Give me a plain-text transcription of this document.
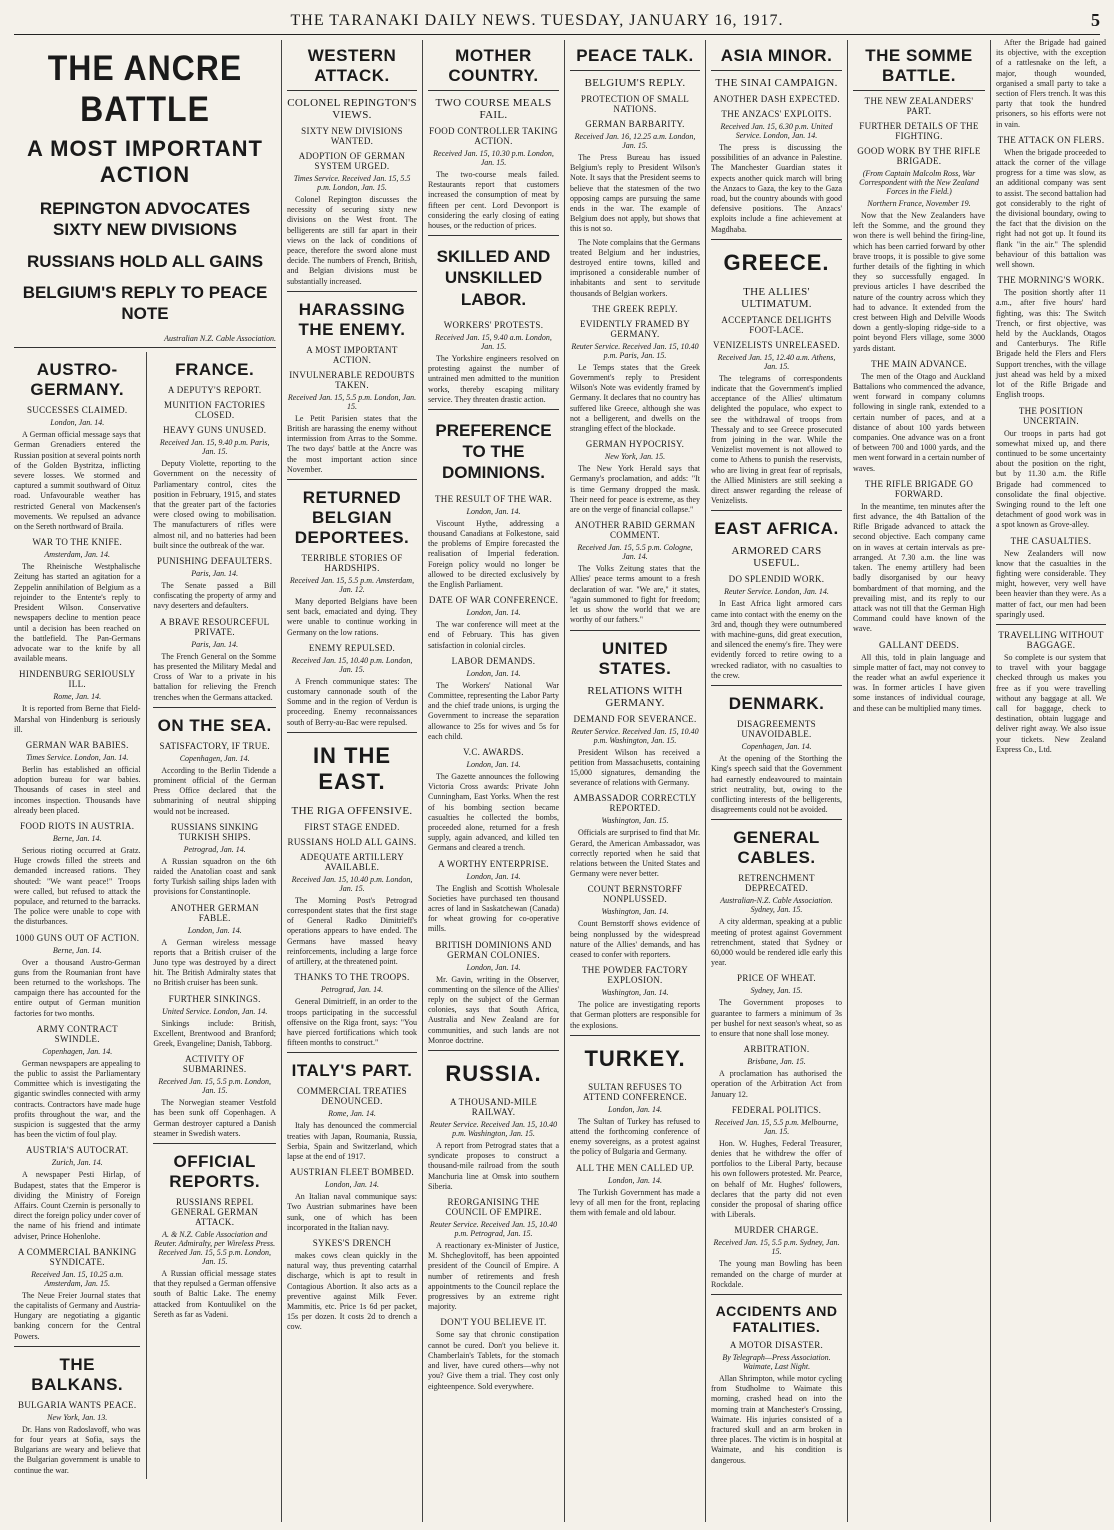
THE TARANAKI DAILY NEWS. TUESDAY, JANUARY 16, 1917.	5
THE ANCRE BATTLE
A MOST IMPORTANT ACTION
REPINGTON ADVOCATES SIXTY NEW DIVISIONS
RUSSIANS HOLD ALL GAINS
BELGIUM'S REPLY TO PEACE NOTE
Australian N.Z. Cable Association.
AUSTRO-GERMANY.
SUCCESSES CLAIMED.
London, Jan. 14.

A German official message says that German Grenadiers entered the Russian position at several points north of the Golden Bystritza, inflicting severe losses. We stormed and captured a summit southward of Oituz road. Unfavourable weather has restricted General von Mackensen's movements. We repulsed an advance on the Sereth northward of Braila.

WAR TO THE KNIFE.
Amsterdam, Jan. 14.

The Rheinische Westphalische Zeitung has started an agitation for a Zeppelin annihilation of Belgium as a rejoinder to the Entente's reply to President Wilson. Conservative newspapers decline to mention peace until a decision has been reached on the battlefield. The Pan-Germans advocate war to the knife by all available means.

HINDENBURG SERIOUSLY ILL.
Rome, Jan. 14.

It is reported from Berne that Field-Marshal von Hindenburg is seriously ill.

GERMAN WAR BABIES.
Times Service. London, Jan. 14.

Berlin has established an official adoption bureau for war babies. Thousands of cases in steel and incomes inspection. Thousands have already been placed.

FOOD RIOTS IN AUSTRIA.
Berne, Jan. 14.

Serious rioting occurred at Gratz. Huge crowds filled the streets and demanded increased rations. They shouted: "We want peace!" Troops were called, but refused to attack the populace, and returned to the barracks. The police were unable to cope with the disturbances.

1000 GUNS OUT OF ACTION.
Berne, Jan. 14.

Over a thousand Austro-German guns from the Roumanian front have been returned to the workshops. The campaign there has accounted for the entire output of German munition factories for two months.

ARMY CONTRACT SWINDLE.
Copenhagen, Jan. 14.

German newspapers are appealing to the public to assist the Parliamentary Committee which is investigating the gigantic swindles connected with army contracts. Contractors have made huge profits throughout the war, and the suspicion is suggested that the army has been the victim of foul play.

AUSTRIA'S AUTOCRAT.
Zurich, Jan. 14.

A newspaper Pesti Hirlap, of Budapest, states that the Emperor is dividing the Ministry of Foreign Affairs. Count Czernin is personally to direct the foreign policy under cover of the name of his friend and intimate adviser, Prince Hohenlohe.

A COMMERCIAL BANKING SYNDICATE.
Received Jan. 15, 10.25 a.m. Amsterdam, Jan. 15.

The Neue Freier Journal states that the capitalists of Germany and Austria-Hungary are negotiating a gigantic banking concern for the Central Powers.

THE BALKANS.
BULGARIA WANTS PEACE.
New York, Jan. 13.

Dr. Hans von Radoslavoff, who was for four years at Sofia, says the Bulgarians are weary and believe that the Bulgarian government is unable to continue the war.

FRANCE.
A DEPUTY'S REPORT.
MUNITION FACTORIES CLOSED.
HEAVY GUNS UNUSED.
Received Jan. 15, 9.40 p.m. Paris, Jan. 15.

Deputy Violette, reporting to the Government on the necessity of Parliamentary control, cites the position in February, 1915, and states that the greater part of the factories were closed owing to mobilisation. The manufacturers of rifles were almost nil, and no batteries had been built since the outbreak of the war.

PUNISHING DEFAULTERS.
Paris, Jan. 14.

The Senate passed a Bill confiscating the property of army and navy deserters and defaulters.

A BRAVE RESOURCEFUL PRIVATE.
Paris, Jan. 14.

The French General on the Somme has presented the Military Medal and Cross of War to a private in his battalion for relieving the French trenches when the Germans attacked.

ON THE SEA.
SATISFACTORY, IF TRUE.
Copenhagen, Jan. 14.

According to the Berlin Tidende a prominent official of the German Press Office declared that the submarining of neutral shipping would not be increased.

RUSSIANS SINKING TURKISH SHIPS.
Petrograd, Jan. 14.

A Russian squadron on the 6th raided the Anatolian coast and sank forty Turkish sailing ships laden with provisions for Constantinople.

ANOTHER GERMAN FABLE.
London, Jan. 14.

A German wireless message reports that a British cruiser of the Juno type was destroyed by a direct hit. The British Admiralty states that no British cruiser has been sunk.

FURTHER SINKINGS.
United Service. London, Jan. 14.

Sinkings include: British, Excellent, Brentwood and Branford; Greek, Evangeline; Danish, Tabborg.

ACTIVITY OF SUBMARINES.
Received Jan. 15, 5.5 p.m. London, Jan. 15.

The Norwegian steamer Vestfold has been sunk off Copenhagen. A German destroyer captured a Danish steamer in Swedish waters.

OFFICIAL REPORTS.
RUSSIANS REPEL GENERAL GERMAN ATTACK.
A. & N.Z. Cable Association and Reuter. Admiralty, per Wireless Press. Received Jan. 15, 5.5 p.m. London, Jan. 15.

A Russian official message states that they repulsed a German offensive south of Baltic Lake. The enemy attacked from Kontuulikel on the Sereth as far as Vadeni.

WESTERN ATTACK.
COLONEL REPINGTON'S VIEWS.
SIXTY NEW DIVISIONS WANTED.
ADOPTION OF GERMAN SYSTEM URGED.
Times Service. Received Jan. 15, 5.5 p.m. London, Jan. 15.

Colonel Repington discusses the necessity of securing sixty new divisions on the West front. The belligerents are still far apart in their views on the lack of conditions of peace, therefore the sword alone must decide. The numbers of French, British, and Belgian divisions must be substantially increased.

HARASSING THE ENEMY.
A MOST IMPORTANT ACTION.
INVULNERABLE REDOUBTS TAKEN.
Received Jan. 15, 5.5 p.m. London, Jan. 15.

Le Petit Parisien states that the British are harassing the enemy without intermission from Arras to the Somme. The two days' battle at the Ancre was the most important action since November.

RETURNED BELGIAN DEPORTEES.
TERRIBLE STORIES OF HARDSHIPS.
Received Jan. 15, 5.5 p.m. Amsterdam, Jan. 12.

Many deported Belgians have been sent back, emaciated and dying. They were unable to continue working in Germany on the low rations.

ENEMY REPULSED.
Received Jan. 15, 10.40 p.m. London, Jan. 15.

A French communique states: The customary cannonade south of the Somme and in the region of Verdun is proceeding. Enemy reconnaissances south of Berry-au-Bac were repulsed.

IN THE EAST.
THE RIGA OFFENSIVE.
FIRST STAGE ENDED.
RUSSIANS HOLD ALL GAINS.
ADEQUATE ARTILLERY AVAILABLE.
Received Jan. 15, 10.40 p.m. London, Jan. 15.

The Morning Post's Petrograd correspondent states that the first stage of General Radko Dimitrieff's operations appears to have ended. The Germans have massed heavy reinforcements, including a large force of artillery, at the threatened point.

THANKS TO THE TROOPS.
Petrograd, Jan. 14.

General Dimitrieff, in an order to the troops participating in the successful offensive on the Riga front, says: "You have pierced fortifications which took fifteen months to construct."

ITALY'S PART.
COMMERCIAL TREATIES DENOUNCED.
Rome, Jan. 14.

Italy has denounced the commercial treaties with Japan, Roumania, Russia, Serbia, Spain and Switzerland, which lapse at the end of 1917.

AUSTRIAN FLEET BOMBED.
London, Jan. 14.

An Italian naval communique says: Two Austrian submarines have been sunk, one of which has been incorporated in the Italian navy.

SYKES'S DRENCH

makes cows clean quickly in the natural way, thus preventing catarrhal discharge, which is apt to result in Contagious Abortion. It also acts as a preventive against Milk Fever. Mammitis, etc. Price 1s 6d per packet, 15s per dozen. It costs 2d to drench a cow.

MOTHER COUNTRY.
TWO COURSE MEALS FAIL.
FOOD CONTROLLER TAKING ACTION.
Received Jan. 15, 10.30 p.m. London, Jan. 15.

The two-course meals failed. Restaurants report that customers increased the consumption of meat by fifteen per cent. Lord Devonport is considering the early closing of eating houses, or the reduction of prices.

SKILLED AND UNSKILLED LABOR.
WORKERS' PROTESTS.
Received Jan. 15, 9.40 a.m. London, Jan. 15.

The Yorkshire engineers resolved on protesting against the number of untrained men admitted to the munition works, thereby escaping military service. They threaten drastic action.

PREFERENCE TO THE DOMINIONS.
THE RESULT OF THE WAR.
London, Jan. 14.

Viscount Hythe, addressing a thousand Canadians at Folkestone, said the problems of Empire forecasted the realisation of Imperial federation. Foreign policy would no longer be allowed to be directed exclusively by the English Parliament.

DATE OF WAR CONFERENCE.
London, Jan. 14.

The war conference will meet at the end of February. This has given satisfaction in colonial circles.

LABOR DEMANDS.
London, Jan. 14.

The Workers' National War Committee, representing the Labor Party and the chief trade unions, is urging the Government to increase the separation allowance to 25s for wives and 5s for each child.

V.C. AWARDS.
London, Jan. 14.

The Gazette announces the following Victoria Cross awards: Private John Cunningham, East Yorks. When the rest of his bombing section became casualties he collected the bombs, proceeded alone, returned for a fresh supply, again advanced, and killed ten Germans and cleared a trench.

A WORTHY ENTERPRISE.
London, Jan. 14.

The English and Scottish Wholesale Societies have purchased ten thousand acres of land in Saskatchewan (Canada) for wheat growing for co-operative mills.

BRITISH DOMINIONS AND GERMAN COLONIES.
London, Jan. 14.

Mr. Gavin, writing in the Observer, commenting on the silence of the Allies' reply on the subject of the German colonies, says that South Africa, Australia and New Zealand are for communities, and such lands are not Monroe doctrine.

RUSSIA.
A THOUSAND-MILE RAILWAY.
Reuter Service. Received Jan. 15, 10.40 p.m. Washington, Jan. 15.

A report from Petrograd states that a syndicate proposes to construct a thousand-mile railroad from the south Manchuria line at Omsk into southern Siberia.

REORGANISING THE COUNCIL OF EMPIRE.
Reuter Service. Received Jan. 15, 10.40 p.m. Petrograd, Jan. 15.

A reactionary ex-Minister of Justice, M. Shcheglovitoff, has been appointed president of the Council of Empire. A number of retirements and fresh appointments to the Council replace the progressives by an extreme right majority.

DON'T YOU BELIEVE IT.

Some say that chronic constipation cannot be cured. Don't you believe it. Chamberlain's Tablets, for the stomach and liver, have cured others—why not you? Give them a trial. They cost only eighteenpence. Sold everywhere.

PEACE TALK.
BELGIUM'S REPLY.
PROTECTION OF SMALL NATIONS.
GERMAN BARBARITY.
Received Jan. 16, 12.25 a.m. London, Jan. 15.

The Press Bureau has issued Belgium's reply to President Wilson's Note. It says that the President seems to believe that the statesmen of the two opposing camps are pursuing the same ends in the war. The example of Belgium does not apply, but shows that this is not so.

The Note complains that the Germans treated Belgium and her industries, destroyed entire towns, killed and imprisoned a considerable number of inhabitants and sent to servitude thousands of Belgian workers.

THE GREEK REPLY.
EVIDENTLY FRAMED BY GERMANY.
Reuter Service. Received Jan. 15, 10.40 p.m. Paris, Jan. 15.

Le Temps states that the Greek Government's reply to President Wilson's Note was evidently framed by Germany. It declares that no country has suffered like Greece, although she was not a belligerent, and dwells on the strangling effect of the blockade.

GERMAN HYPOCRISY.
New York, Jan. 15.

The New York Herald says that Germany's proclamation, and adds: "It is time Germany dropped the mask. Their need for peace is extreme, as they are on the verge of financial collapse."

ANOTHER RABID GERMAN COMMENT.
Received Jan. 15, 5.5 p.m. Cologne, Jan. 14.

The Volks Zeitung states that the Allies' peace terms amount to a fresh declaration of war. "We are," it states, "again summoned to fight for freedom; let us show the world that we are worthy of our fathers."

UNITED STATES.
RELATIONS WITH GERMANY.
DEMAND FOR SEVERANCE.
Reuter Service. Received Jan. 15, 10.40 p.m. Washington, Jan. 15.

President Wilson has received a petition from Massachusetts, containing 15,000 signatures, demanding the severance of relations with Germany.

AMBASSADOR CORRECTLY REPORTED.
Washington, Jan. 15.

Officials are surprised to find that Mr. Gerard, the American Ambassador, was correctly reported when he said that relations between the United States and Germany were never better.

COUNT BERNSTORFF NONPLUSSED.
Washington, Jan. 14.

Count Bernstorff shows evidence of being nonplussed by the widespread nature of the Allies' demands, and has ceased to confer with reporters.

THE POWDER FACTORY EXPLOSION.
Washington, Jan. 14.

The police are investigating reports that German plotters are responsible for the explosions.

TURKEY.
SULTAN REFUSES TO ATTEND CONFERENCE.
London, Jan. 14.

The Sultan of Turkey has refused to attend the forthcoming conference of enemy sovereigns, as a protest against the policy of Bulgaria and Germany.

ALL THE MEN CALLED UP.
London, Jan. 14.

The Turkish Government has made a levy of all men for the front, replacing them with female and old labour.

ASIA MINOR.
THE SINAI CAMPAIGN.
ANOTHER DASH EXPECTED.
THE ANZACS' EXPLOITS.
Received Jan. 15, 6.30 p.m. United Service. London, Jan. 14.

The press is discussing the possibilities of an advance in Palestine. The Manchester Guardian states it expects another quick march will bring the Anzacs to Gaza, the key to the Gaza road, but the country abounds with good defensive positions. The Anzacs' exploits include a fine achievement at Magdhaba.

GREECE.
THE ALLIES' ULTIMATUM.
ACCEPTANCE DELIGHTS FOOT-LACE.
VENIZELISTS UNRELEASED.
Received Jan. 15, 12.40 a.m. Athens, Jan. 15.

The telegrams of correspondents indicate that the Government's implied acceptance of the Allies' ultimatum delighted the populace, who expect to see the withdrawal of troops from Thessaly and to see Greece prosecuted from joining in the war. While the Venizelist movement is not allowed to come to Athens to punish the reservists, who are living in great fear of reprisals, the Allied Ministers are still seeking a direct answer regarding the release of Venizelists.

EAST AFRICA.
ARMORED CARS USEFUL.
DO SPLENDID WORK.
Reuter Service. London, Jan. 14.

In East Africa light armored cars came into contact with the enemy on the 3rd and, though they were outnumbered with machine-guns, did great execution, and silenced the enemy's fire. They were evidently forced to retire owing to a wrecked radiator, with no casualties to the crew.

DENMARK.
DISAGREEMENTS UNAVOIDABLE.
Copenhagen, Jan. 14.

At the opening of the Storthing the King's speech said that the Government had earnestly endeavoured to maintain strict neutrality, but, owing to the conflicting interests of the belligerents, disagreements could not be avoided.

GENERAL CABLES.
RETRENCHMENT DEPRECATED.
Australian-N.Z. Cable Association. Sydney, Jan. 15.

A city alderman, speaking at a public meeting of protest against Government retrenchment, stated that Sydney or 60,000 would be rendered idle early this year.

PRICE OF WHEAT.
Sydney, Jan. 15.

The Government proposes to guarantee to farmers a minimum of 3s per bushel for next season's wheat, so as to ensure that none shall lose money.

ARBITRATION.
Brisbane, Jan. 15.

A proclamation has authorised the operation of the Arbitration Act from January 12.

FEDERAL POLITICS.
Received Jan. 15, 5.5 p.m. Melbourne, Jan. 15.

Hon. W. Hughes, Federal Treasurer, denies that he withdrew the offer of portfolios to the Liberal Party, because his own followers protested. Mr. Pearce, on behalf of Mr. Hughes' followers, declares that the party did not even consider the proposal of sharing office with Liberals.

MURDER CHARGE.
Received Jan. 15, 5.5 p.m. Sydney, Jan. 15.

The young man Bowling has been remanded on the charge of murder at Rockdale.

ACCIDENTS AND FATALITIES.
A MOTOR DISASTER.
By Telegraph—Press Association. Waimate, Last Night.

Allan Shrimpton, while motor cycling from Studholme to Waimate this morning, crashed head on into the morning train at Manchester's Crossing, Waimate. His injuries consisted of a fractured skull and an arm broken in three places. The victim is in hospital at Waimate, and his condition is dangerous.

THE SOMME BATTLE.
THE NEW ZEALANDERS' PART.
FURTHER DETAILS OF THE FIGHTING.
GOOD WORK BY THE RIFLE BRIGADE.
(From Captain Malcolm Ross, War Correspondent with the New Zealand Forces in the Field.)
Northern France, November 19.

Now that the New Zealanders have left the Somme, and the ground they won there is well behind the firing-line, which has been carried forward by other brave troops, it is possible to give some further details of the fighting in which they so successfully engaged. In previous articles I have described the nature of the country across which they had to advance. It extended from the crest between High and Delville Woods down a gently-sloping ridge-side to a point beyond Flers village, some 3000 yards distant.

THE MAIN ADVANCE.

The men of the Otago and Auckland Battalions who commenced the advance, went forward in company columns following in single rank, extended to a certain number of paces, and at a distance of about 100 yards between companies. One advance was on a front of between 700 and 1000 yards, and the men went forward in a certain number of waves.

THE RIFLE BRIGADE GO FORWARD.

In the meantime, ten minutes after the first advance, the 4th Battalion of the Rifle Brigade advanced to attack the second objective. Each company came on in waves at certain intervals as pre-arranged. At 7.30 a.m. the line was taken. The enemy artillery had been badly disorganised by our heavy bombardment of that morning, and the prevailing mist, and its reply to our attack was not till that the German High Command could have known of the wave.

GALLANT DEEDS.

All this, told in plain language and simple matter of fact, may not convey to the reader what an awful experience it was. In former articles I have given some instances of individual courage, and these can be multiplied many times.

After the Brigade had gained its objective, with the exception of a rattlesnake on the left, a major, though wounded, organised a small party to take a section of Flers trench. It was this party that took the hundred prisoners, so his efforts were not in vain.

THE ATTACK ON FLERS.

When the brigade proceeded to attack the corner of the village progress for a time was slow, as an additional company was sent to assist. The second battalion had got considerably to the right of the divisional boundary, owing to the fact that the division on the right had not got up. It found its flank "in the air." The splendid behaviour of this battalion was well shown.

THE MORNING'S WORK.

The position shortly after 11 a.m., after five hours' hard fighting, was this: The Switch Trench, or first objective, was held by the Aucklands, Otagos and Canterburys. The Rifle Brigade held the Flers and Flers Support trenches, with the village just ahead was held by a mixed lot of the Rifle Brigade and English troops.

THE POSITION UNCERTAIN.

Our troops in parts had got somewhat mixed up, and there continued to be some uncertainty about the position on the right, but by 11.30 a.m. the Rifle Brigade had commenced to consolidate the final objective. Swinging round to the left one detachment of good work was in a spot known as Grove-alley.

THE CASUALTIES.

New Zealanders will now know that the casualties in the fighting were considerable. They might, however, very well have been heavier than they were. As a matter of fact, our men had been sparingly used.

TRAVELLING WITHOUT BAGGAGE.

So complete is our system that to travel with your baggage checked through us makes you free as if you were travelling without any baggage at all. We call for baggage, check to destination, obtain luggage and deliver right away. We also issue your tickets. New Zealand Express Co., Ltd.
